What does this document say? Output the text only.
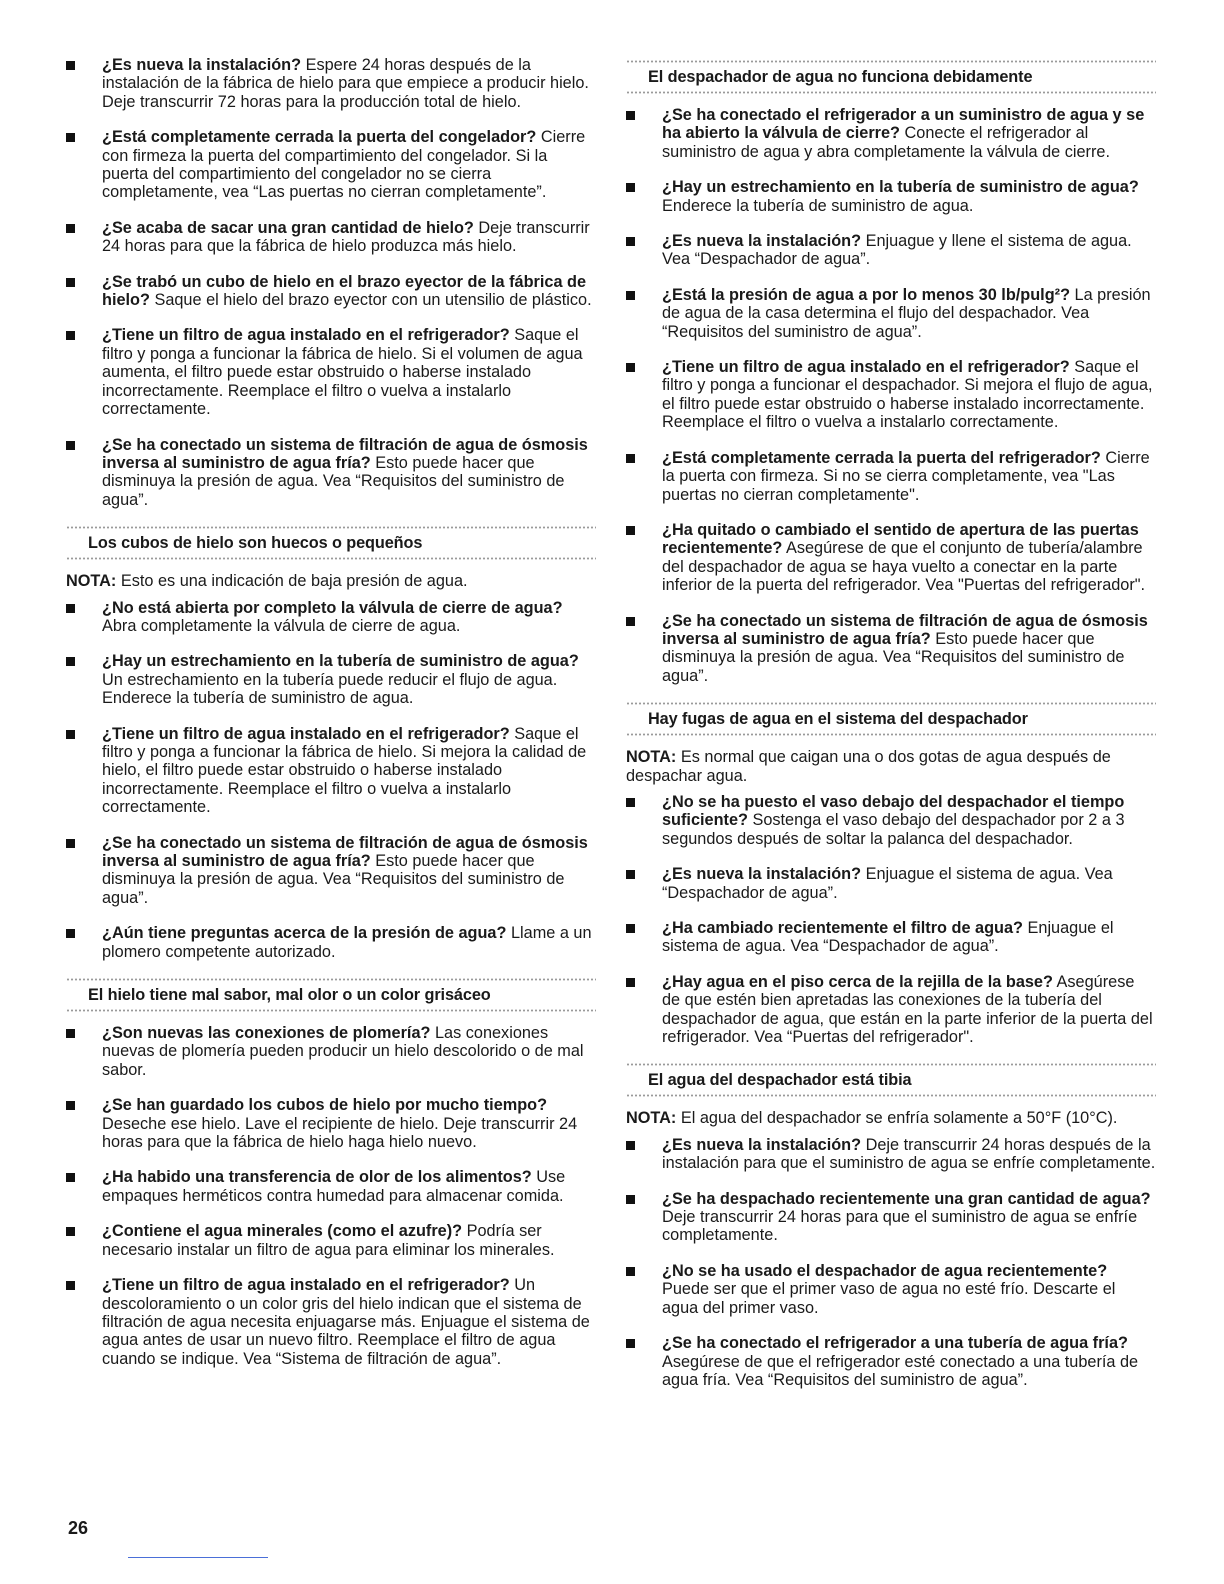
¿Es nueva la instalación? Espere 24 horas después de la instalación de la fábrica de hielo para que empiece a producir hielo. Deje transcurrir 72 horas para la producción total de hielo.
¿Está completamente cerrada la puerta del congelador? Cierre con firmeza la puerta del compartimiento del congelador. Si la puerta del compartimiento del congelador no se cierra completamente, vea “Las puertas no cierran completamente”.
¿Se acaba de sacar una gran cantidad de hielo? Deje transcurrir 24 horas para que la fábrica de hielo produzca más hielo.
¿Se trabó un cubo de hielo en el brazo eyector de la fábrica de hielo? Saque el hielo del brazo eyector con un utensilio de plástico.
¿Tiene un filtro de agua instalado en el refrigerador? Saque el filtro y ponga a funcionar la fábrica de hielo. Si el volumen de agua aumenta, el filtro puede estar obstruido o haberse instalado incorrectamente. Reemplace el filtro o vuelva a instalarlo correctamente.
¿Se ha conectado un sistema de filtración de agua de ósmosis inversa al suministro de agua fría? Esto puede hacer que disminuya la presión de agua. Vea “Requisitos del suministro de agua”.
Los cubos de hielo son huecos o pequeños
NOTA: Esto es una indicación de baja presión de agua.
¿No está abierta por completo la válvula de cierre de agua? Abra completamente la válvula de cierre de agua.
¿Hay un estrechamiento en la tubería de suministro de agua? Un estrechamiento en la tubería puede reducir el flujo de agua. Enderece la tubería de suministro de agua.
¿Tiene un filtro de agua instalado en el refrigerador? Saque el filtro y ponga a funcionar la fábrica de hielo. Si mejora la calidad de hielo, el filtro puede estar obstruido o haberse instalado incorrectamente. Reemplace el filtro o vuelva a instalarlo correctamente.
¿Se ha conectado un sistema de filtración de agua de ósmosis inversa al suministro de agua fría? Esto puede hacer que disminuya la presión de agua. Vea “Requisitos del suministro de agua”.
¿Aún tiene preguntas acerca de la presión de agua? Llame a un plomero competente autorizado.
El hielo tiene mal sabor, mal olor o un color grisáceo
¿Son nuevas las conexiones de plomería? Las conexiones nuevas de plomería pueden producir un hielo descolorido o de mal sabor.
¿Se han guardado los cubos de hielo por mucho tiempo? Deseche ese hielo. Lave el recipiente de hielo. Deje transcurrir 24 horas para que la fábrica de hielo haga hielo nuevo.
¿Ha habido una transferencia de olor de los alimentos? Use empaques herméticos contra humedad para almacenar comida.
¿Contiene el agua minerales (como el azufre)? Podría ser necesario instalar un filtro de agua para eliminar los minerales.
¿Tiene un filtro de agua instalado en el refrigerador? Un descoloramiento o un color gris del hielo indican que el sistema de filtración de agua necesita enjuagarse más. Enjuague el sistema de agua antes de usar un nuevo filtro. Reemplace el filtro de agua cuando se indique. Vea “Sistema de filtración de agua”.
El despachador de agua no funciona debidamente
¿Se ha conectado el refrigerador a un suministro de agua y se ha abierto la válvula de cierre? Conecte el refrigerador al suministro de agua y abra completamente la válvula de cierre.
¿Hay un estrechamiento en la tubería de suministro de agua? Enderece la tubería de suministro de agua.
¿Es nueva la instalación? Enjuague y llene el sistema de agua. Vea “Despachador de agua”.
¿Está la presión de agua a por lo menos 30 lb/pulg²? La presión de agua de la casa determina el flujo del despachador. Vea “Requisitos del suministro de agua”.
¿Tiene un filtro de agua instalado en el refrigerador? Saque el filtro y ponga a funcionar el despachador. Si mejora el flujo de agua, el filtro puede estar obstruido o haberse instalado incorrectamente. Reemplace el filtro o vuelva a instalarlo correctamente.
¿Está completamente cerrada la puerta del refrigerador? Cierre la puerta con firmeza. Si no se cierra completamente, vea "Las puertas no cierran completamente".
¿Ha quitado o cambiado el sentido de apertura de las puertas recientemente? Asegúrese de que el conjunto de tubería/alambre del despachador de agua se haya vuelto a conectar en la parte inferior de la puerta del refrigerador. Vea "Puertas del refrigerador".
¿Se ha conectado un sistema de filtración de agua de ósmosis inversa al suministro de agua fría? Esto puede hacer que disminuya la presión de agua. Vea “Requisitos del suministro de agua”.
Hay fugas de agua en el sistema del despachador
NOTA: Es normal que caigan una o dos gotas de agua después de despachar agua.
¿No se ha puesto el vaso debajo del despachador el tiempo suficiente? Sostenga el vaso debajo del despachador por 2 a 3 segundos después de soltar la palanca del despachador.
¿Es nueva la instalación? Enjuague el sistema de agua. Vea “Despachador de agua”.
¿Ha cambiado recientemente el filtro de agua? Enjuague el sistema de agua. Vea “Despachador de agua”.
¿Hay agua en el piso cerca de la rejilla de la base? Asegúrese de que estén bien apretadas las conexiones de la tubería del despachador de agua, que están en la parte inferior de la puerta del refrigerador. Vea “Puertas del refrigerador".
El agua del despachador está tibia
NOTA: El agua del despachador se enfría solamente a 50°F (10°C).
¿Es nueva la instalación? Deje transcurrir 24 horas después de la instalación para que el suministro de agua se enfríe completamente.
¿Se ha despachado recientemente una gran cantidad de agua? Deje transcurrir 24 horas para que el suministro de agua se enfríe completamente.
¿No se ha usado el despachador de agua recientemente? Puede ser que el primer vaso de agua no esté frío. Descarte el agua del primer vaso.
¿Se ha conectado el refrigerador a una tubería de agua fría? Asegúrese de que el refrigerador esté conectado a una tubería de agua fría. Vea “Requisitos del suministro de agua”.
26
